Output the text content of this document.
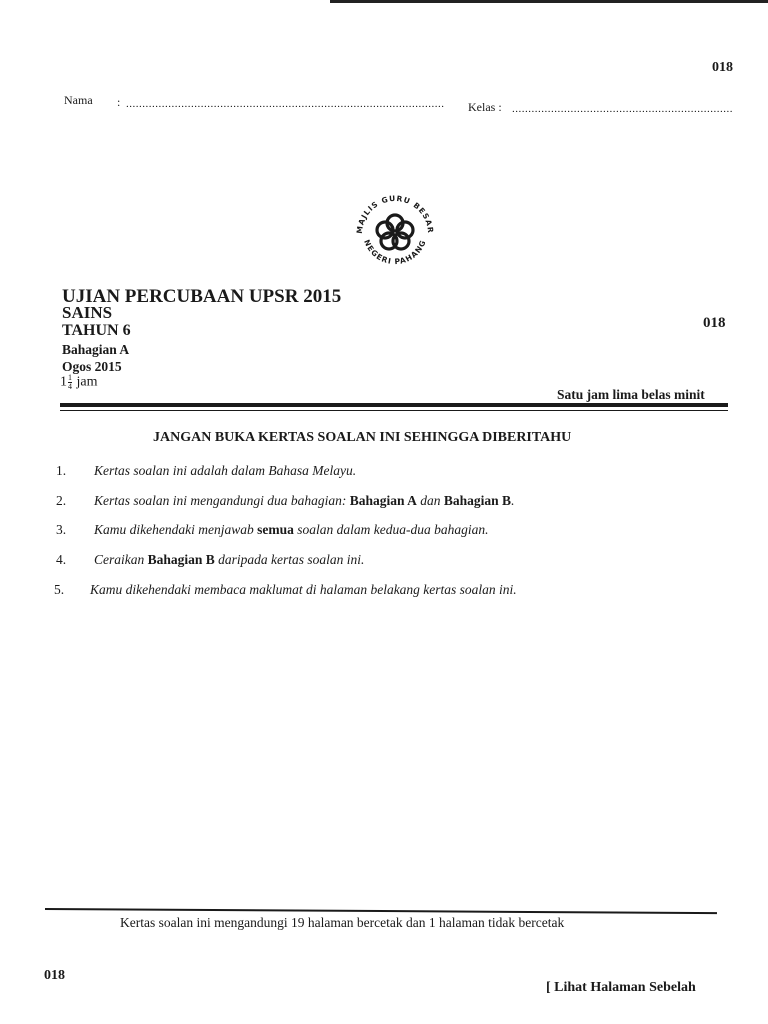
018
Nama : .................................................................................................. Kelas : ....................................................................
MAJLIS GURU BESAR
NEGERI PAHANG
UJIAN PERCUBAAN UPSR 2015
SAINS
TAHUN 6
Bahagian A
Ogos 2015
$1 \frac{1}{4}$ jam
018
Satu jam lima belas minit
JANGAN BUKA KERTAS SOALAN INI SEHINGGA DIBERITAHU
1. Kertas soalan ini adalah dalam Bahasa Melayu.
2. Kertas soalan ini mengandungi dua bahagian: Bahagian A dan Bahagian B.
3. Kamu dikehendaki menjawab semua soalan dalam kedua-dua bahagian.
4. Ceraikan Bahagian B daripada kertas soalan ini.
5. Kamu dikehendaki membaca maklumat di halaman belakang kertas soalan ini.
Kertas soalan ini mengandungi 19 halaman bercetak dan 1 halaman tidak bercetak
018
[ Lihat Halaman Sebelah
